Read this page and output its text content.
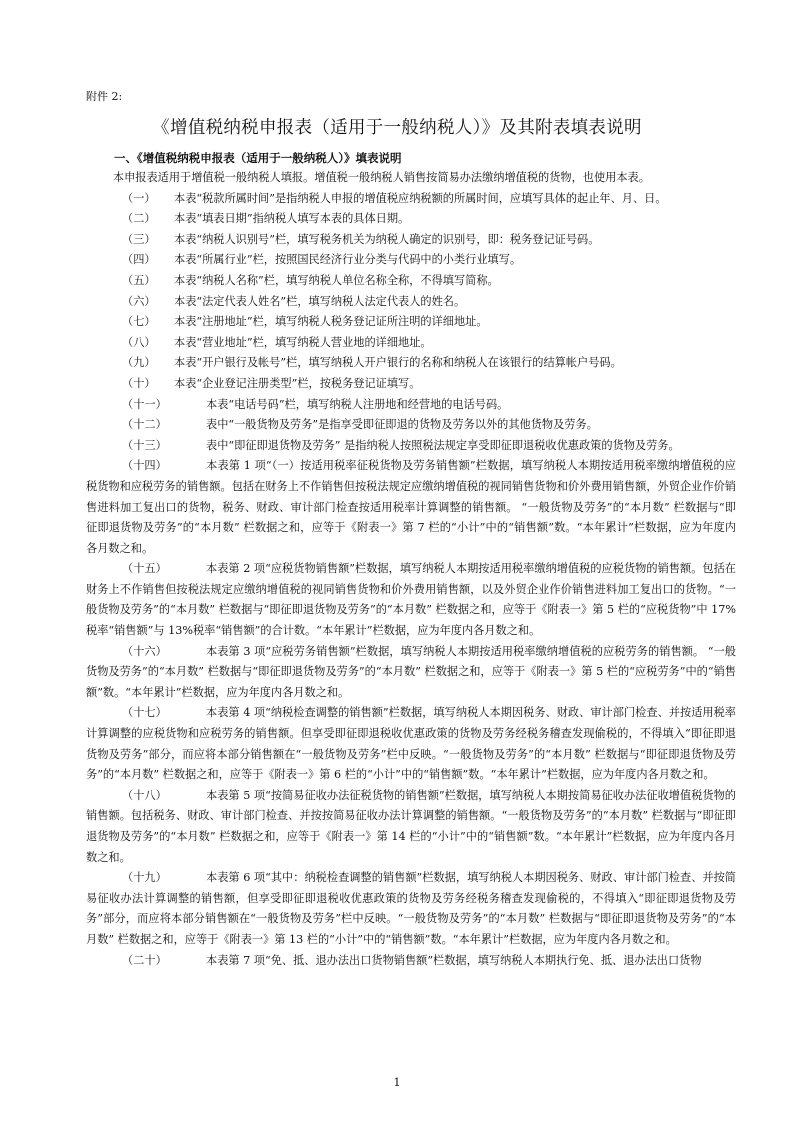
附件 2:
《增值税纳税申报表（适用于一般纳税人）》及其附表填表说明
一、《增值税纳税申报表（适用于一般纳税人）》填表说明

本申报表适用于增值税一般纳税人填报。增值税一般纳税人销售按简易办法缴纳增值税的货物，也使用本表。

（一） 本表“税款所属时间”是指纳税人申报的增值税应纳税额的所属时间，应填写具体的起止年、月、日。

（二） 本表“填表日期”指纳税人填写本表的具体日期。

（三） 本表“纳税人识别号”栏，填写税务机关为纳税人确定的识别号，即：税务登记证号码。

（四） 本表“所属行业”栏，按照国民经济行业分类与代码中的小类行业填写。

（五） 本表“纳税人名称”栏，填写纳税人单位名称全称，不得填写简称。

（六） 本表“法定代表人姓名”栏，填写纳税人法定代表人的姓名。

（七） 本表“注册地址”栏，填写纳税人税务登记证所注明的详细地址。

（八） 本表“营业地址”栏，填写纳税人营业地的详细地址。

（九） 本表“开户银行及帐号”栏，填写纳税人开户银行的名称和纳税人在该银行的结算帐户号码。

（十） 本表“企业登记注册类型”栏，按税务登记证填写。

（十一）	本表“电话号码”栏，填写纳税人注册地和经营地的电话号码。

（十二）	表中“一般货物及劳务”是指享受即征即退的货物及劳务以外的其他货物及劳务。

（十三）	表中“即征即退货物及劳务” 是指纳税人按照税法规定享受即征即退税收优惠政策的货物及劳务。

（十四）	本表第 1 项“（一）按适用税率征税货物及劳务销售额”栏数据，填写纳税人本期按适用税率缴纳增值税的应税货物和应税劳务的销售额。包括在财务上不作销售但按税法规定应缴纳增值税的视同销售货物和价外费用销售额，外贸企业作价销售进料加工复出口的货物，税务、财政、审计部门检查按适用税率计算调整的销售额。 “一般货物及劳务”的“本月数” 栏数据与“即征即退货物及劳务”的“本月数” 栏数据之和，应等于《附表一》第 7 栏的“小计”中的“销售额”数。“本年累计”栏数据，应为年度内各月数之和。

（十五）	本表第 2 项“应税货物销售额”栏数据，填写纳税人本期按适用税率缴纳增值税的应税货物的销售额。包括在财务上不作销售但按税法规定应缴纳增值税的视同销售货物和价外费用销售额，以及外贸企业作价销售进料加工复出口的货物。“一般货物及劳务”的“本月数” 栏数据与“即征即退货物及劳务”的“本月数” 栏数据之和，应等于《附表一》第 5 栏的“应税货物”中 17%税率“销售额”与 13%税率“销售额”的合计数。“本年累计”栏数据，应为年度内各月数之和。

（十六）	本表第 3 项“应税劳务销售额”栏数据，填写纳税人本期按适用税率缴纳增值税的应税劳务的销售额。 “一般货物及劳务”的“本月数” 栏数据与“即征即退货物及劳务”的“本月数” 栏数据之和，应等于《附表一》第 5 栏的“应税劳务”中的“销售额”数。“本年累计”栏数据，应为年度内各月数之和。

（十七）	本表第 4 项“纳税检查调整的销售额”栏数据，填写纳税人本期因税务、财政、审计部门检查、并按适用税率计算调整的应税货物和应税劳务的销售额。但享受即征即退税收优惠政策的货物及劳务经税务稽查发现偷税的，不得填入“即征即退货物及劳务”部分，而应将本部分销售额在“一般货物及劳务”栏中反映。“一般货物及劳务”的“本月数” 栏数据与“即征即退货物及劳务”的“本月数” 栏数据之和，应等于《附表一》第 6 栏的“小计”中的“销售额”数。“本年累计”栏数据，应为年度内各月数之和。

（十八）	本表第 5 项“按简易征收办法征税货物的销售额”栏数据，填写纳税人本期按简易征收办法征收增值税货物的销售额。包括税务、财政、审计部门检查、并按按简易征收办法计算调整的销售额。“一般货物及劳务”的“本月数” 栏数据与“即征即退货物及劳务”的“本月数” 栏数据之和，应等于《附表一》第 14 栏的“小计”中的“销售额”数。“本年累计”栏数据，应为年度内各月数之和。

（十九）	本表第 6 项“其中：纳税检查调整的销售额”栏数据，填写纳税人本期因税务、财政、审计部门检查、并按简易征收办法计算调整的销售额，但享受即征即退税收优惠政策的货物及劳务经税务稽查发现偷税的，不得填入“即征即退货物及劳务”部分，而应将本部分销售额在“一般货物及劳务”栏中反映。“一般货物及劳务”的“本月数” 栏数据与“即征即退货物及劳务”的“本月数” 栏数据之和，应等于《附表一》第 13 栏的“小计”中的“销售额”数。“本年累计”栏数据，应为年度内各月数之和。

（二十）	本表第 7 项“免、抵、退办法出口货物销售额”栏数据，填写纳税人本期执行免、抵、退办法出口货物

1
